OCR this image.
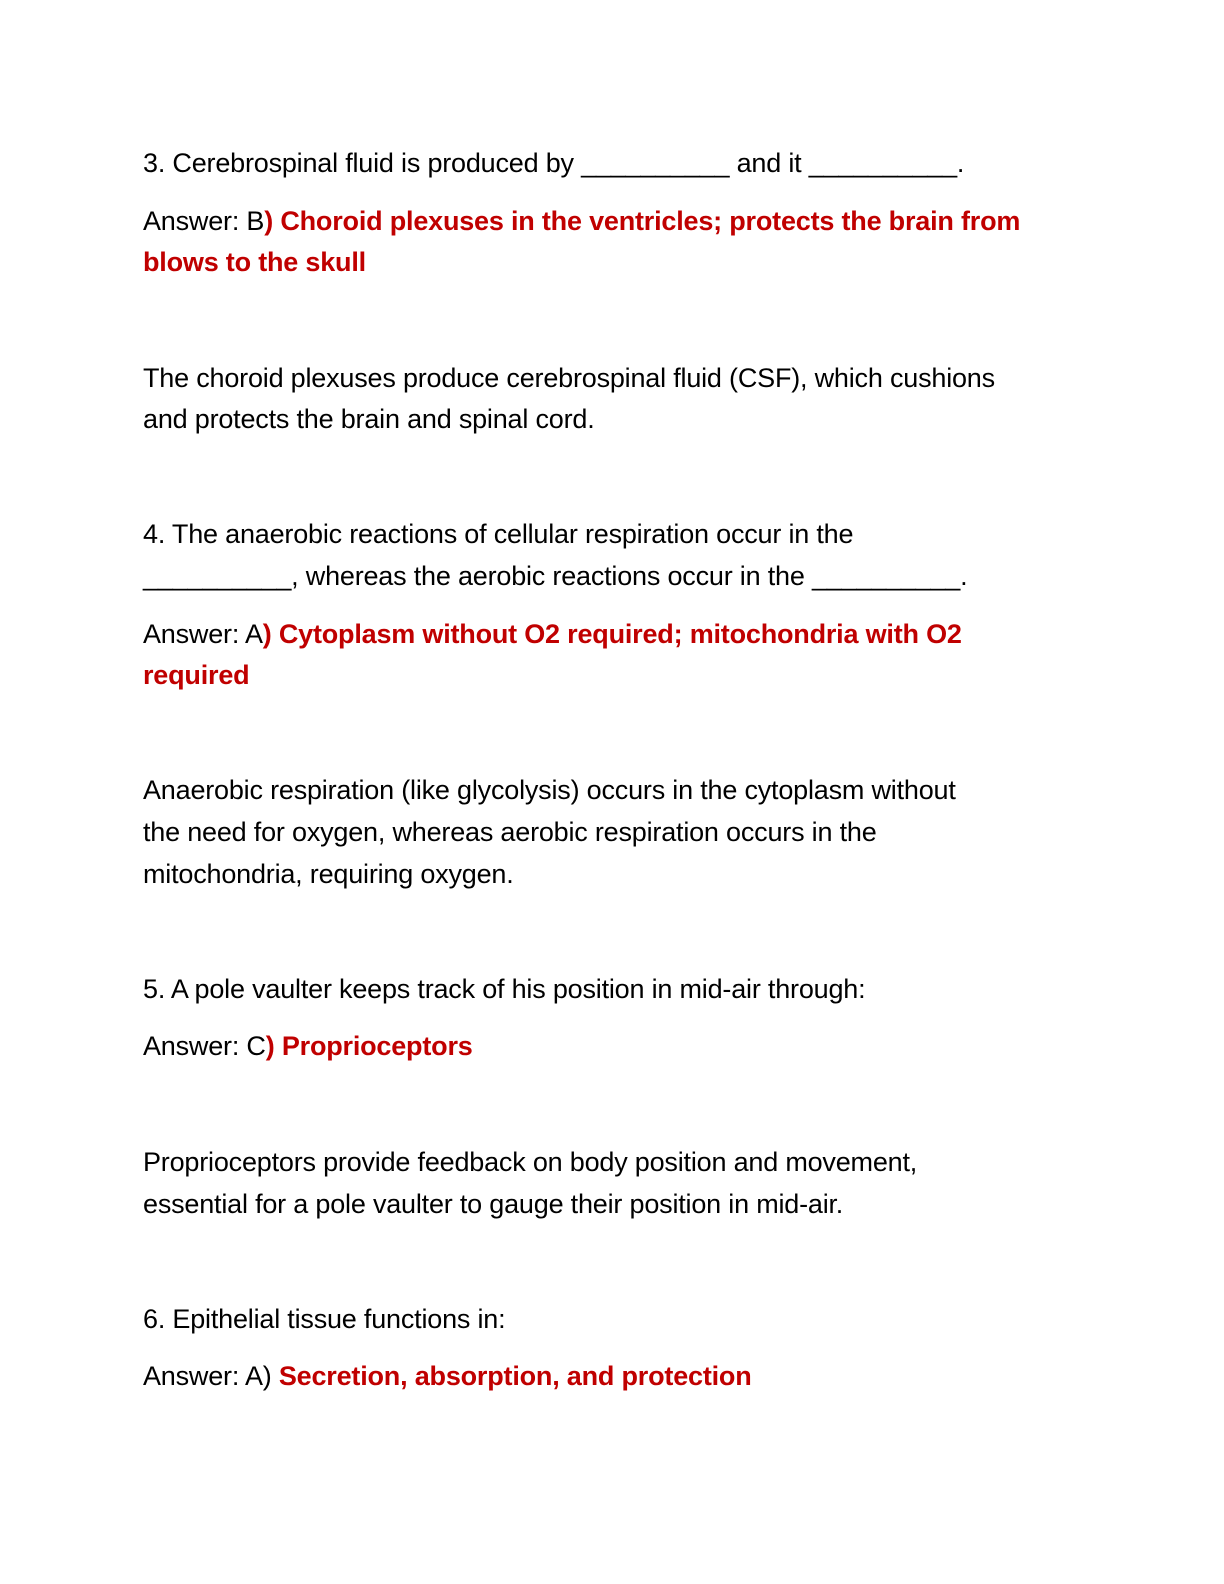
3. Cerebrospinal fluid is produced by __________ and it __________.
Answer: B) Choroid plexuses in the ventricles; protects the brain from
blows to the skull
The choroid plexuses produce cerebrospinal fluid (CSF), which cushions
and protects the brain and spinal cord.
4. The anaerobic reactions of cellular respiration occur in the
__________, whereas the aerobic reactions occur in the __________.
Answer: A) Cytoplasm without O2 required; mitochondria with O2
required
Anaerobic respiration (like glycolysis) occurs in the cytoplasm without
the need for oxygen, whereas aerobic respiration occurs in the
mitochondria, requiring oxygen.
5. A pole vaulter keeps track of his position in mid-air through:
Answer: C) Proprioceptors
Proprioceptors provide feedback on body position and movement,
essential for a pole vaulter to gauge their position in mid-air.
6. Epithelial tissue functions in:
Answer: A) Secretion, absorption, and protection
